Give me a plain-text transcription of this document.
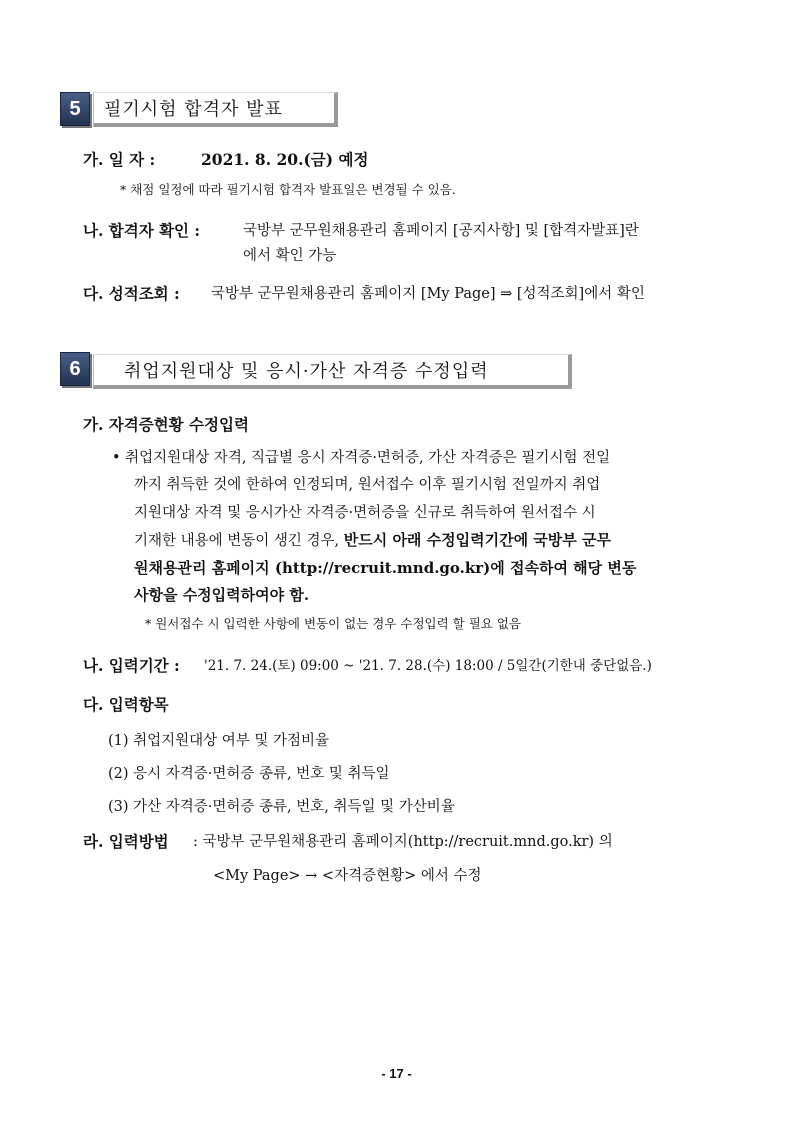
5	필기시험 합격자 발표
가. 일 자 :	2021. 8. 20.(금) 예정
* 채점 일정에 따라 필기시험 합격자 발표일은 변경될 수 있음.
나. 합격자 확인 :	국방부 군무원채용관리 홈페이지 [공지사항] 및 [합격자발표]란
에서 확인 가능
다. 성적조회 : 국방부 군무원채용관리 홈페이지 [My Page] ⇒ [성적조회]에서 확인
6	취업지원대상 및 응시·가산 자격증 수정입력
가. 자격증현황 수정입력
• 취업지원대상 자격, 직급별 응시 자격증·면허증, 가산 자격증은 필기시험 전일
까지 취득한 것에 한하여 인정되며, 원서접수 이후 필기시험 전일까지 취업
지원대상 자격 및 응시가산 자격증·면허증을 신규로 취득하여 원서접수 시
기재한 내용에 변동이 생긴 경우, 반드시 아래 수정입력기간에 국방부 군무
원채용관리 홈페이지 (http://recruit.mnd.go.kr)에 접속하여 해당 변동
사항을 수정입력하여야 함.
* 원서접수 시 입력한 사항에 변동이 없는 경우 수정입력 할 필요 없음
나. 입력기간 : '21. 7. 24.(토) 09:00 ~ '21. 7. 28.(수) 18:00 / 5일간(기한내 중단없음.)
다. 입력항목
(1) 취업지원대상 여부 및 가점비율
(2) 응시 자격증·면허증 종류, 번호 및 취득일
(3) 가산 자격증·면허증 종류, 번호, 취득일 및 가산비율
라. 입력방법 : 국방부 군무원채용관리 홈페이지(http://recruit.mnd.go.kr) 의
<My Page> → <자격증현황> 에서 수정
- 17 -
